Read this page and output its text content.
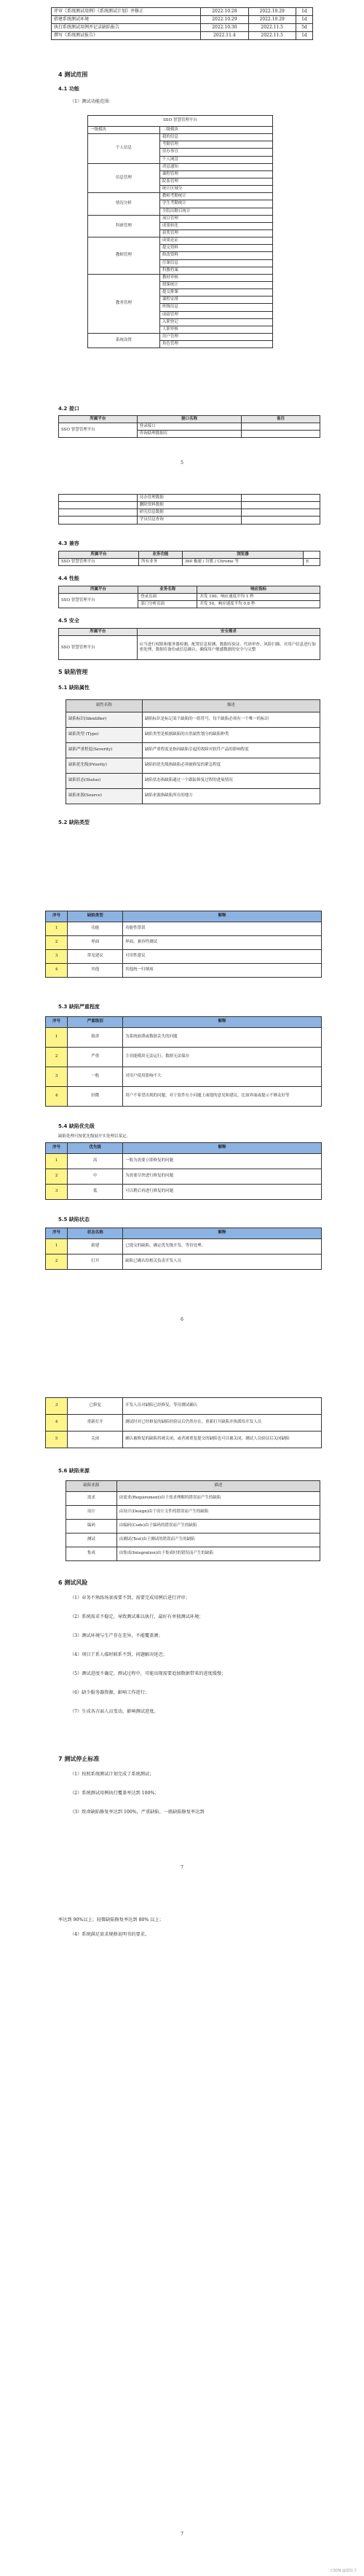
评审《系统测试用例》《系统测试计划》并修正	2022.10.28	2022.10.29	1d
搭建系统测试环境	2022.10.29	2022.10.29	1d
执行系统测试用例并记录缺陷报告	2022.10.30	2022.11.5	5d
撰写《系统测试报告》	2022.11.4	2022.11.5	1d
4 测试范围
4.1 功能
（1）测试功能范围：
SSO 智慧管理平台	
一级模块	二级模块
个人信息	我的信息
	考勤管理
	待办事宜
	个人网盘
信息管理	消息通知
	课程管理
	院系管理
	统计区域分
情况分析	教师考勤统计
	学生考勤统计
	全院出勤日统计
科研管理	项目管理
	成果转化
	获奖管理
教师管理	成果论证
	提交资料
	修改资料
	任课信息
	科教档案
教务管理	教材审核
	授课统计
	提交排课
	课程安排
	班级信息
	成绩管理
	入职登记
	人职审核
系统设置	用户管理
	角色管理
4.2 接口
所属平台	接口名称	备注
SSO 智慧管理平台	登录接口	
	咨询助理数据库	
5
	待办管理数据	
	删除资料数据	
	研究信息数据	
	学员信息查询	
4.3 兼容
所属平台	业务功能	浏览器	
SSO 智慧管理平台	所有业务	360 极速 / 谷歌 / Chrome 等	E
4.4 性能
所属平台	业务名称	响应指标
SSO 智慧管理平台	登录页面	并发 100，响应速度平均 1 秒
	部门分析页面	并发 50，响应速度平均 0.8 秒
4.5 安全
所属平台	安全需求
SSO 智慧管理平台	应当进行权限和服务器检测，配置信息检测、数据库验证、代码审查、风险扫描，对用户信息进行加密处理，数据库备份或信息确认；确保用户敏感数据的安全与完整
5 缺陷管理
5.1 缺陷属性
属性名称	描述
缺陷标识(Identifier)	缺陷标识是标记某个缺陷的一组符号，每个缺陷必须有一个唯一的标识
缺陷类型 (Type)	缺陷类型是根据缺陷的自然属性划分的缺陷种类
缺陷严重程度(Severity)	缺陷严重程度是指因缺陷引起的故障对软件产品的影响程度
缺陷优先级(Priority)	缺陷的优先级指缺陷必须被修复的紧急程度
缺陷状态(Status)	缺陷状态指缺陷通过一个跟踪修复过程的进展情况
缺陷来源(Source)	缺陷来源指缺陷所在的地方
5.2 缺陷类型
序号	缺陷类型	解释
1	功能	功能性错误
2	界面	界面，兼容性测试
3	常见建议	可用性建议
4	其他	其他统一归纳项
5.3 缺陷严重程度
序号	严重级别	解释
1	致命	为系统崩溃或数据丢失的问题
2	严重	主功能模块无法运行，数据无法保存
3	一般	对用户使用影响不大
4	轻微	用户不希望出现的问题，对于软件在小问题上面提的意见和建议，比如界面或提示不够友好等
5.4 缺陷优先级
缺陷处理可按优先级展开实处理以某定。
序号	优先级	解释
1	高	一般为需要立即修复的问题
2	中	为需要尽快进行修复的问题
3	低	可以稍后再进行修复的问题
5.5 缺陷状态
序号	状态名称	解释
1	新建	已提交的缺陷，确定优先级开发，等待处理。
2	打开	缺陷已确认给相关负责开发人员
6
3	已修复	开发人员对缺陷已经修复，等待测试确认
4	重新打开	测试时对已经修复的缺陷经验证后仍然存在，重新打开缺陷并指派给开发人员
5	关闭	确认被修复的缺陷将被关闭，或者被重复提交的缺陷也可以被关闭，测试人员验证后关闭缺陷
5.6 缺陷来源
缺陷来源	描述
需求	由需求(Requirement)由于需求理解的错误而产生的缺陷
设计	由设计(Design)由于设计文件的错误而产生的缺陷
编码	由编码(Code)由于编码的错误而产生的缺陷
测试	由测试(Test)由于测试的错误而产生的缺陷
集成	由集成(Integration)由于集成时的错误而产生的缺陷
6 测试风险
（1）业务不熟练场景需要不到，需要完成用例后进行评审；
（2）系统需求不稳定，导致测试难以执行，最好有单独测试环境；
（3）测试环境与生产存在差异，不能覆盖测；
（4）项目干系人临时联系不到，问题解决延迟；
（5）测试进度不确定，测试过程中，可能出现需要追加数据带来的进度缓慢；
（6）缺少服务器资源，影响工作进行；
（7）生成各方面人员变动，影响测试进度。
7 测试停止标准
（1）按照系统测试计划完成了系统测试；
（2）系统测试用例执行覆盖率达到 100%；
（3）致命缺陷修复率达到 100%，严重缺陷、一般缺陷修复率达到
7
率达到 90%以上；轻微缺陷修复率达到 80% 以上；
（4）系统满足需求规格说明书的要求。
7
CSDN @鄢知卫
